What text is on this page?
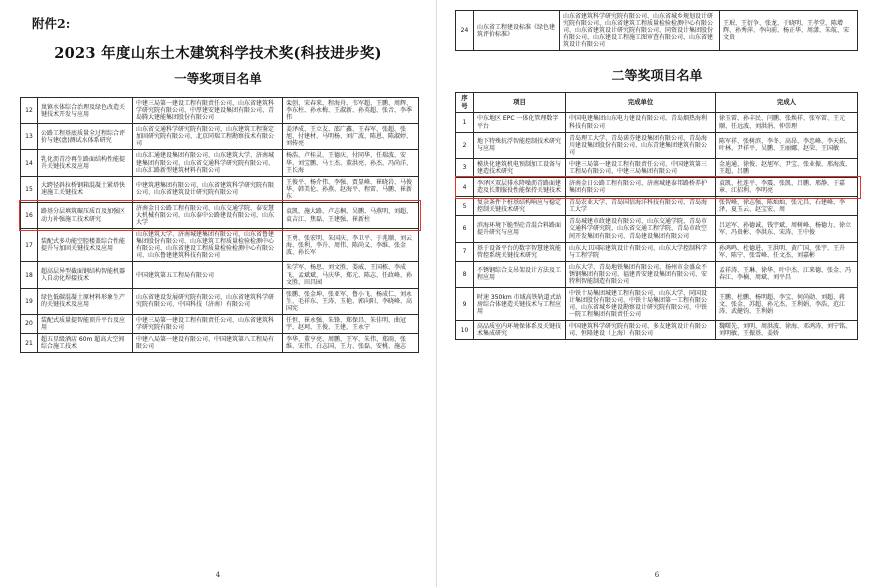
附件2:
2023 年度山东土木建筑科学技术奖(科技进步奖)
一等奖项目名单
12	岚镇水体综合治理及绿色改造关键技术开发与应用	中建三局第一建设工程有限责任公司、山东省建筑科学研究院有限公司、中厚建安建设集团有限公司、青岛腾大建能集团股份有限公司	栾创、宋春来、程海舟、韦军超、王鹏、周辉、李东柱、孙永梅、王淑新、孙英超、张音、李季伟
13	公路工程基底质量全过程综合评价与建(盘)测试水体系研究	山东省交通科学研究院有限公司、山东建筑工程鉴定加固研究院有限公司、北京同瑞工程勘察技术有限公司	姜泽成、王立友、邵广鑫、王春军、张超、张旭、付建材、马明杨、刘广波、陈恩、陈淑婷、刘传亮
14	乳化沥青冷再生路面结构性能提升关键技术及应用	山东汇通建设集团有限公司、山东建筑大学、济南城建集团有限公司、山东省交通科学研究院有限公司、山东汇路新型建筑材料有限公司	杨浩、卢桂灵、王德庆、付同华、任瑞波、安华、刘宝鹏、马士杰、董洪亮、孙杰、冯尚洋、王长海
15	大跨径斜拉桥钢箱混凝土紧塔快速施工关键技术	中建筑港集团有限公司、山东省建筑科学研究院有限公司、山东省建筑设计研究院有限公司	王俊平、杨介伟、李强、贾显峰、崔晓岩、马俊华、韩美伦、孙燕、赵海平、程雷、马鹏、崔新东
16	路基分层填筑碾压质百及加强区动力补强施工技术研究	济南金日公路工程有限公司、山东交通学院、泰安慧大机械有限公司、山东泰中公路建设有限公司、山东大学	袁凯、施大路、卢志桐、吴鹏、马燕明、刘超、袁吉江、焦磊、王建强、崔新柱
17	装配式多功能空腔楼盖综合性能提升与加固关键技术及应用	山东建筑大学、济南城建集团有限公司、山东省鲁建集团股份有限公司、山东建筑工程质量检验检测中心有限公司、山东省建设工程质量检验检测中心有限公司、山东鲁建建筑科技有限公司	王勇、张宏明、朱国庆、李卫平、于兆顺、刘云海、张利、李升、周伟、陈尚义、李维、张金波、孙长军
18	超高层异型截面钢结构智能机器人自动化焊接技术	中国建筑第五工程局有限公司	朱学军、杨思、刘文胜、娄威、王国栋、李成飞、孟斌斌、马庆华、郑元、陈志、任政峰、孙文胜、田昌园
19	绿色低碳混凝土原材料形象生产的关键技术及应用	山东省建设发展研究院有限公司、山东省建筑科学研究院有限公司、中国科技（济南）有限公司	张鹏、张金坤、张亚军、鲁小飞、杨成仁、刘永生、毛祥东、王涛、玉艳、郭向阳、李晓峰、高国宪
20	装配式质量提智能顶升平台及应用	中建三局第一建设工程有限责任公司、山东省建筑科学研究院有限公司	任恒、崔永强、朱锋、郑保昌、朱佳明、曲冠宇、赵珂、王俊、王建、王永宁
21	超五星级酒店 60m 超高大空间综合施工技术	中建八局第一建设有限公司、中国建筑第八工程局有限公司	李华、董亨亮、周鹏、王军、朱伟、郑雨、张维、宋伟、白志国、王力、张磊、安桃、施志
4
24	山东省工程建设标准《绿色建筑评价标准》	山东省建筑科学研究院有限公司、山东省城乡规划设计研究院有限公司、山东省建筑工程质量检验检测中心有限公司、山东省建筑设计研究院有限公司、同资设计集团股份有限公司、山东建设工程施工图审查有限公司、山东省建筑设计有限公司	王珉、王衍争、张龙、于晓明、王孝堂、陈增辉、孙秀萍、李向前、杨正华、周潇、朱航、宋文贵
二等奖项目名单
序号	项目	完成单位	完成人
1	中东地区 EPC 一体化管理数字平台	中国电建集团山东电力建设有限公司、青岛烟热海利科技有限公司	徐玉雷、孙丰民、闫鹏、张焕祥、张军雷、王元顺、任远波、刘洪涓、仲崇理
2	地下特殊抗浮智能控制技术研究与应用	青岛理工大学、青岛诺芬建设集团有限公司、青岛海川建设集团股份有限公司、山东青建集团建筑有限公司	陈军祥、张树滨、李冬、高昂、李忠峰、李天拓、叶林、尹祥平、吴鹏、王丽娜、赵荣、王国敏
3	模块化建筑机电预制加工设备与建造技术研究	中建三局第一建设工程有限责任公司、中国建筑第三工程局有限公司、中建三局集团有限公司	金迪通、徐俊、赵旭军、尹宝、张业振、邢海波、王超、吕鹏
4	李泽区双层排水降噪沥青路面建造及长期服役性能保持关键技术	济南金日公路工程有限公司、济南城建泰邦路桥养护集团有限公司	袁凯、杜连平、李震、张凯、吕鹏、邢静、于嘉章、江招利、李明亮
5	复杂条件下桩基结构响应与稳定控制关键技术研究	青岛农业大学、青岛国信海洋科技有限公司、青岛海工大学	张智峰、徐志强、陈灿灿、张元昌、石建峰、李泽、夏玉云、赵宝宏、周
6	滨海环境下脆型砼青混合料路面提升研究与应用	青岛城建市政建设有限公司、山东交通学院、青岛市交通科学研究院、山东省交通工程学院、青岛市政空间开发集团有限公司、青岛建设集团有限公司	吕运军、孙德诚、钱宇斌、周树峰、杨德力、徐立军、冯贵彬、李洪东、宋涛、王中俊
7	基于设备平台的数字智慧建筑能管控系统关键技术研究	山东大卫国际建筑设计有限公司、山东大学控制科学与工程学院	孙鸿鸣、杜德进、王洪明、黄广国、张宇、王升军、陈宁、张雪峰、任文杰、刘嘉彬
8	不锈钢综合支吊架设计方法及工程应用	山东大学、青岛地铁集团有限公司、扬州市金盛众不锈钢集团有限公司、福建晋安建设集团有限公司、安特利智能制造有限公司	孟祥涛、王琳、徐华、叶中杰、江来德、张金、冯春江、李楠、周斌、刘平昌
9	时速 350km 市域高铁轨道式站房综合体建造关键技术与工程应用	中铁十局集团城建工程有限公司、山东大学、同国设计集团股份有限公司、中铁十局集团第一工程有限公司、山东省城乡建设勘察设计研究院有限公司、中铁一院工程集团有限责任公司	王鹏、杜鹏、杨明超、李宝、何尚勋、刘超、蒋文、张金、苏超、孙元杰、王利娟、李浩、范江涛、武健钧、王利娟
10	高品质室内环境保体系及关键技术集成研究	中国建筑科学研究院有限公司、多友建筑设计有限公司、恒隆建设（上海）有限公司	魏曙先、刘明、周洪波、徐海、邓鸿涛、刘宁铭、刘明敏、王振基、姜娇
6
